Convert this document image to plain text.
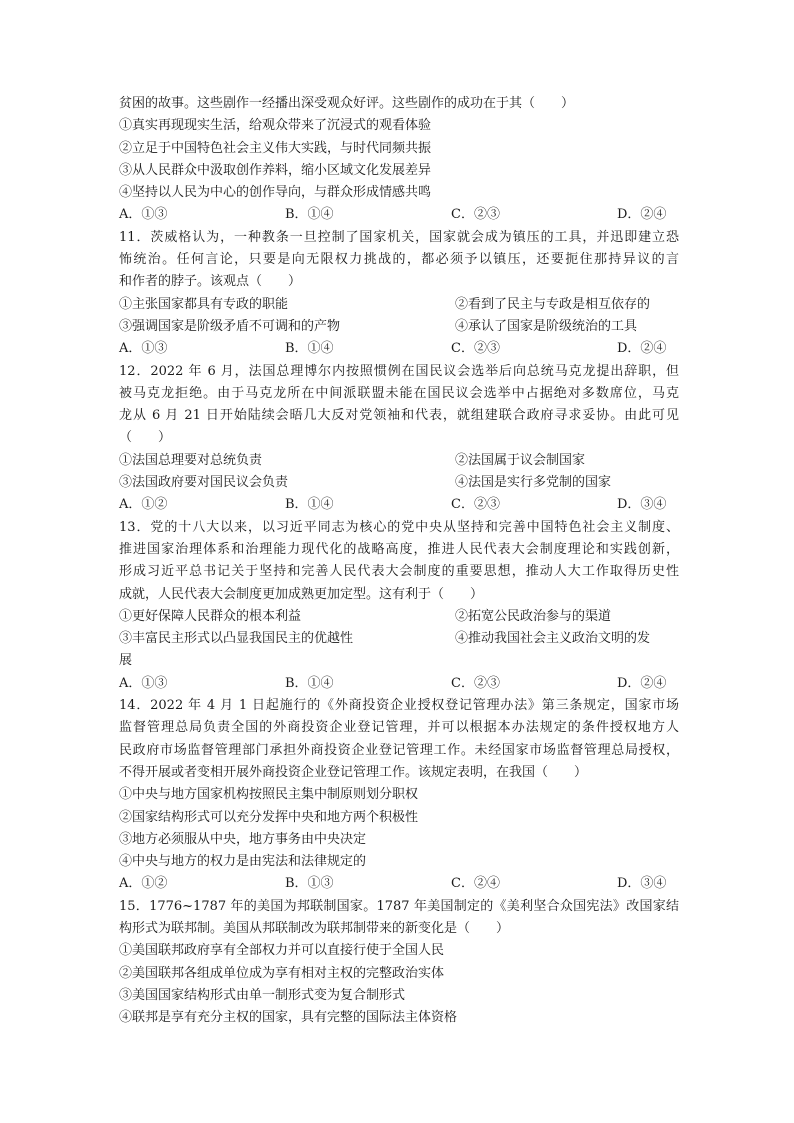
贫困的故事。这些剧作一经播出深受观众好评。这些剧作的成功在于其（　　）
①真实再现现实生活，给观众带来了沉浸式的观看体验
②立足于中国特色社会主义伟大实践，与时代同频共振
③从人民群众中汲取创作养料，缩小区域文化发展差异
④坚持以人民为中心的创作导向，与群众形成情感共鸣
A．①③	B．①④	C．②③	D．②④
11．茨威格认为，一种教条一旦控制了国家机关，国家就会成为镇压的工具，并迅即建立恐
怖统治。任何言论，只要是向无限权力挑战的，都必须予以镇压，还要扼住那持异议的言
和作者的脖子。该观点（　　）
①主张国家都具有专政的职能	②看到了民主与专政是相互依存的
③强调国家是阶级矛盾不可调和的产物	④承认了国家是阶级统治的工具
A．①③	B．①④	C．②③	D．②④
12．2022 年 6 月，法国总理博尔内按照惯例在国民议会选举后向总统马克龙提出辞职，但
被马克龙拒绝。由于马克龙所在中间派联盟未能在国民议会选举中占据绝对多数席位，马克
龙从 6 月 21 日开始陆续会晤几大反对党领袖和代表，就组建联合政府寻求妥协。由此可见
（　　）
①法国总理要对总统负责	②法国属于议会制国家
③法国政府要对国民议会负责	④法国是实行多党制的国家
A．①②	B．①④	C．②③	D．③④
13．党的十八大以来，以习近平同志为核心的党中央从坚持和完善中国特色社会主义制度、
推进国家治理体系和治理能力现代化的战略高度，推进人民代表大会制度理论和实践创新，
形成习近平总书记关于坚持和完善人民代表大会制度的重要思想，推动人大工作取得历史性
成就，人民代表大会制度更加成熟更加定型。这有利于（　　）
①更好保障人民群众的根本利益	②拓宽公民政治参与的渠道
③丰富民主形式以凸显我国民主的优越性	④推动我国社会主义政治文明的发
展
A．①③	B．①④	C．②③	D．②④
14．2022 年 4 月 1 日起施行的《外商投资企业授权登记管理办法》第三条规定，国家市场
监督管理总局负责全国的外商投资企业登记管理，并可以根据本办法规定的条件授权地方人
民政府市场监督管理部门承担外商投资企业登记管理工作。未经国家市场监督管理总局授权，
不得开展或者变相开展外商投资企业登记管理工作。该规定表明，在我国（　　）
①中央与地方国家机构按照民主集中制原则划分职权
②国家结构形式可以充分发挥中央和地方两个积极性
③地方必须服从中央，地方事务由中央决定
④中央与地方的权力是由宪法和法律规定的
A．①②	B．①③	C．②④	D．③④
15．1776~1787 年的美国为邦联制国家。1787 年美国制定的《美利坚合众国宪法》改国家结
构形式为联邦制。美国从邦联制改为联邦制带来的新变化是（　　）
①美国联邦政府享有全部权力并可以直接行使于全国人民
②美国联邦各组成单位成为享有相对主权的完整政治实体
③美国国家结构形式由单一制形式变为复合制形式
④联邦是享有充分主权的国家，具有完整的国际法主体资格
